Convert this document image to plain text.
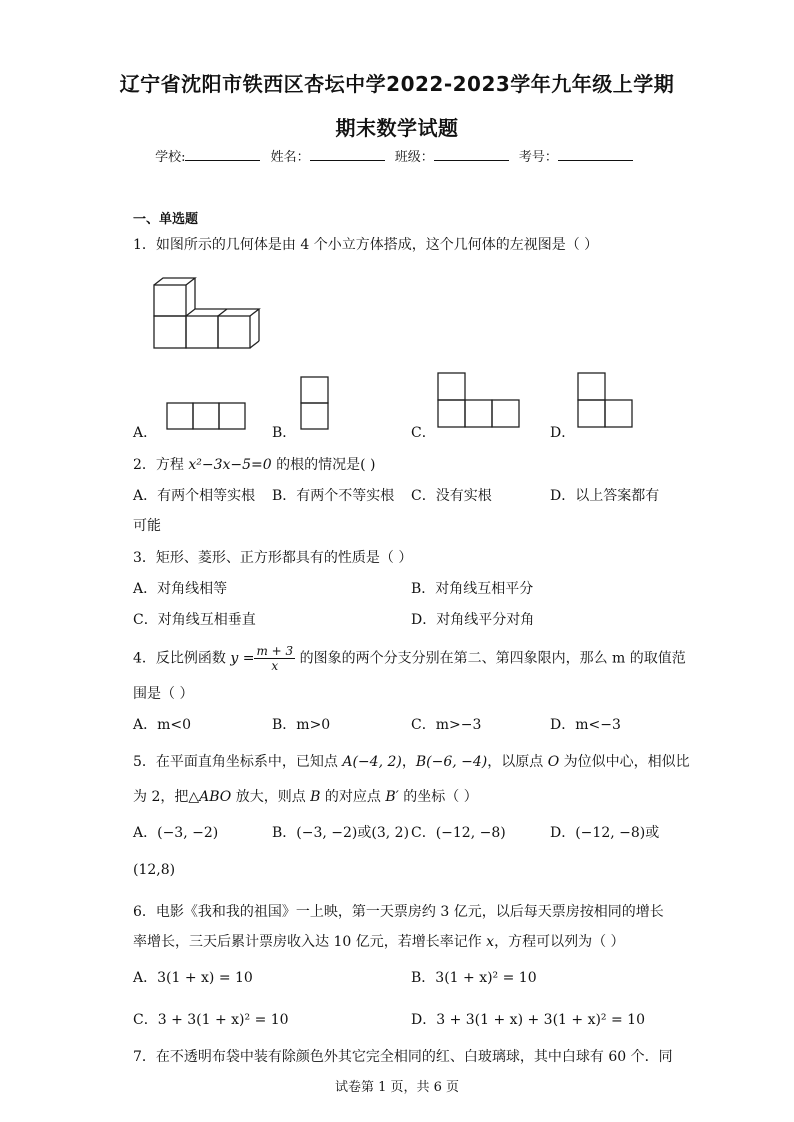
辽宁省沈阳市铁西区杏坛中学2022-2023学年九年级上学期
期末数学试题
学校:	姓名：	班级：	考号：
一、单选题
1．如图所示的几何体是由 4 个小立方体搭成，这个几何体的左视图是（ ）
A．	B．	C．	D．
2．方程 x²−3x−5=0 的根的情况是( )
A．有两个相等实根 B．有两个不等实根 C．没有实根	D．以上答案都有
可能
3．矩形、菱形、正方形都具有的性质是（ ）
A．对角线相等	B．对角线互相平分
C．对角线互相垂直	D．对角线平分对角
4．反比例函数 $y = \frac{m + 3}{x}$ 的图象的两个分支分别在第二、第四象限内，那么 m 的取值范
围是（ ）
A．m<0	B．m>0	C．m>−3	D．m<−3
5．在平面直角坐标系中，已知点 A(−4, 2)，B(−6, −4)，以原点 O 为位似中心，相似比
为 2，把△ABO 放大，则点 B 的对应点 B′ 的坐标（ ）
A．(−3, −2)	B．(−3, −2)或(3, 2) C．(−12, −8)	D．(−12, −8)或
(12,8)
6．电影《我和我的祖国》一上映，第一天票房约 3 亿元，以后每天票房按相同的增长
率增长，三天后累计票房收入达 10 亿元，若增长率记作 x，方程可以列为（ ）
A．3(1 + x) = 10	B．3(1 + x)² = 10
C．3 + 3(1 + x)² = 10	D．3 + 3(1 + x) + 3(1 + x)² = 10
7．在不透明布袋中装有除颜色外其它完全相同的红、白玻璃球，其中白球有 60 个．同
试卷第 1 页，共 6 页
